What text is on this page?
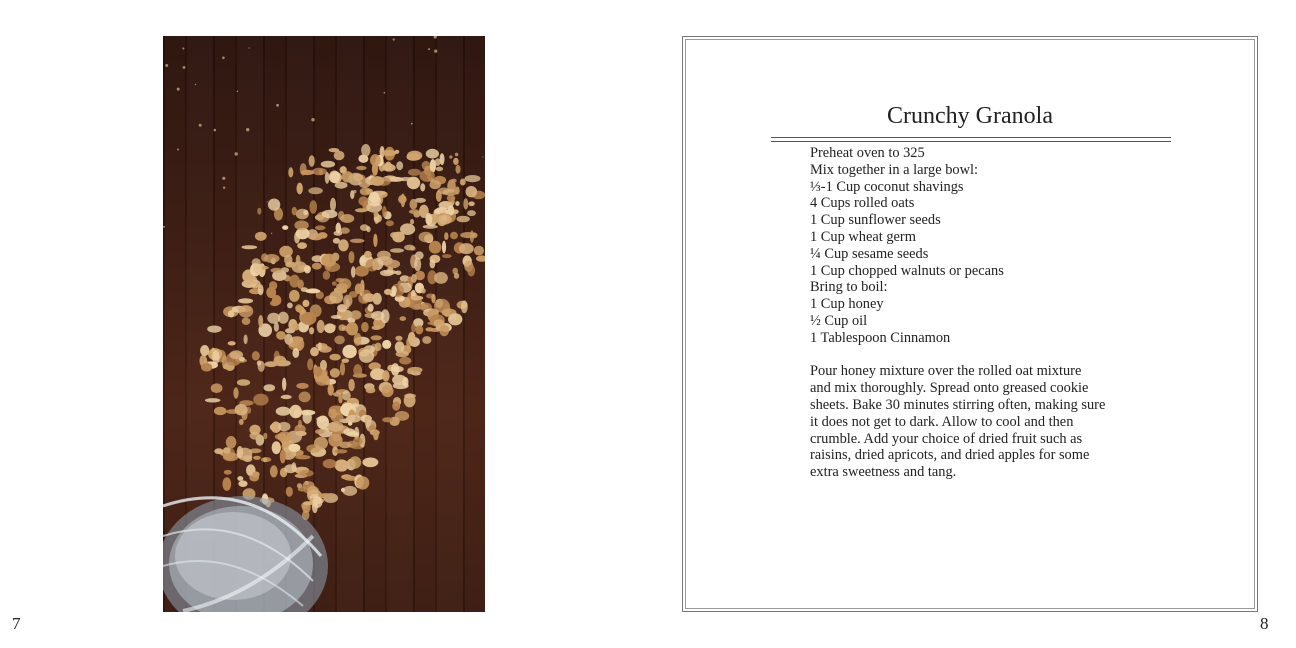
7
Crunchy Granola
Preheat oven to 325
Mix together in a large bowl:
⅓-1 Cup coconut shavings
4 Cups rolled oats
1 Cup sunflower seeds
1 Cup wheat germ
¼ Cup sesame seeds
1 Cup chopped walnuts or pecans
Bring to boil:
1 Cup honey
½ Cup oil
1 Tablespoon Cinnamon
Pour honey mixture over the rolled oat mixture
and mix thoroughly. Spread onto greased cookie
sheets. Bake 30 minutes stirring often, making sure
it does not get to dark. Allow to cool and then
crumble. Add your choice of dried fruit such as
raisins, dried apricots, and dried apples for some
extra sweetness and tang.
8
